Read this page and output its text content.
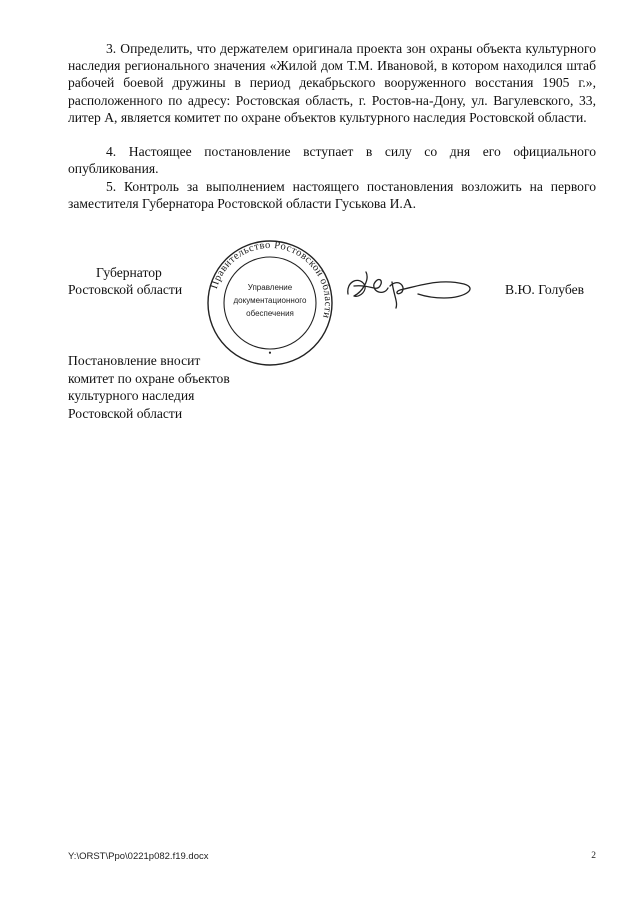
3. Определить, что держателем оригинала проекта зон охраны объекта культурного наследия регионального значения «Жилой дом Т.М. Ивановой, в котором находился штаб рабочей боевой дружины в период декабрьского вооруженного восстания 1905 г.», расположенного по адресу: Ростовская область, г. Ростов-на-Дону, ул. Вагулевского, 33, литер А, является комитет по охране объектов культурного наследия Ростовской области.

4. Настоящее постановление вступает в силу со дня его официального опубликования.

5. Контроль за выполнением настоящего постановления возложить на первого заместителя Губернатора Ростовской области Гуськова И.А.

Губернатор
Ростовской области	Правительство Ростовской области
Управление
документационного
обеспечения
•
В.Ю. Голубев
Постановление вносит
комитет по охране объектов
культурного наследия
Ростовской области
Y:\ORST\Ppo\0221p082.f19.docx	2
